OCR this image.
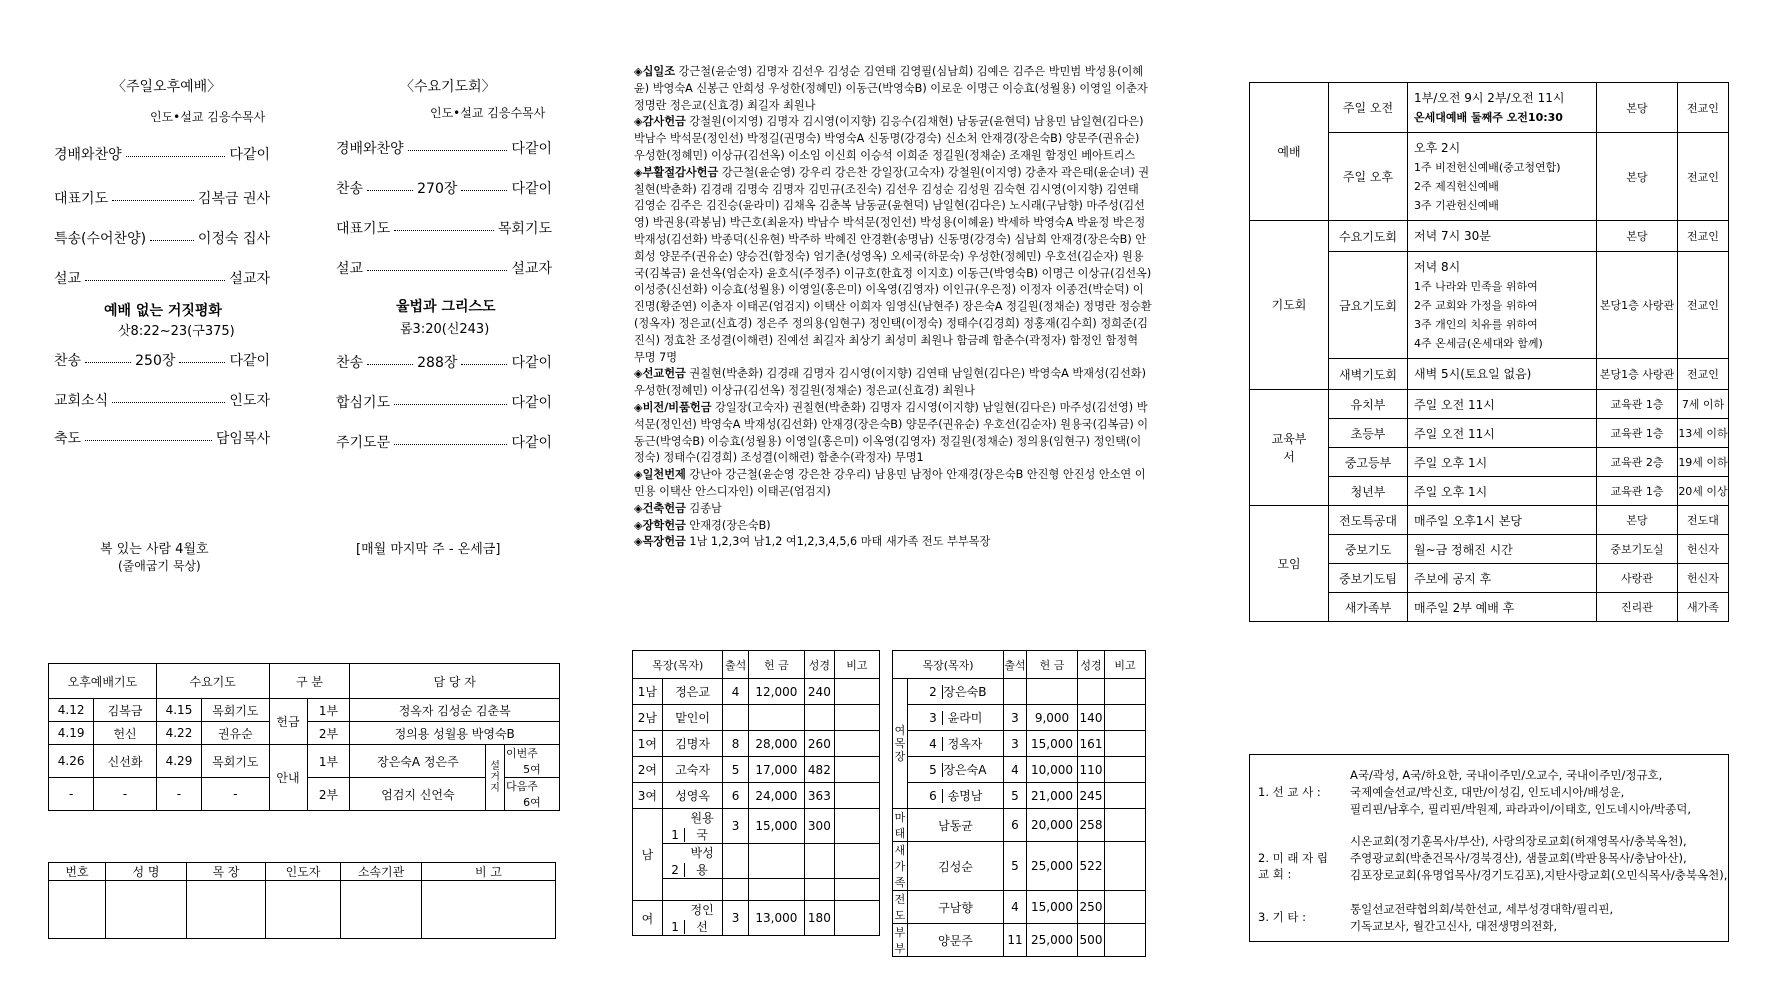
〈주일오후예배〉
인도•설교 김응수목사
경배와찬양	다같이
대표기도	김복금 권사
특송(수어찬양)	이정숙 집사
설교	설교자
찬송	250장	다같이
교회소식	인도자
축도	담임목사
예배 없는 거짓평화
삿8:22~23(구375)
〈수요기도회〉
인도•설교 김응수목사
경배와찬양	다같이
찬송	270장	다같이
대표기도	목회기도
설교	설교자
찬송	288장	다같이
합심기도	다같이
주기도문	다같이
율법과 그리스도
롬3:20(신243)
복 있는 사람 4월호
(줄애굽기 묵상)
[매월 마지막 주 - 온세금]
오후예배기도		수요기도		구 분		담 당 자		
4.12	김복금	4.15	목회기도	헌금	1부	정옥자 김성순 김춘복		
4.19	헌신	4.22	권유순		2부	정의용 성월용 박영숙B		
4.26	신선화	4.29	목회기도	안내	1부	장은숙A 정은주	설거지	이번주5여
-	-	-	-		2부	엄검지 신언숙		다음주6여
번호	성 명	목 장	인도자	소속기관	비 고

◈십일조 강근철(윤순영) 김명자 김선우 김성순 김연태 김영필(심남희) 김예은 김주은 박민범 박성용(이혜윤) 박영숙A 신봉근 안희성 우성한(정혜민) 이동근(박영숙B) 이로운 이명근 이승효(성월용) 이영일 이춘자 정명란 정은교(신효경) 최길자 최원나
◈감사헌금 강철원(이지영) 김명자 김시영(이지향) 김응수(김채현) 남동균(윤현덕) 남용민 남일현(김다은) 박남수 박석문(정인선) 박정길(권명숙) 박영숙A 신동명(강경숙) 신소처 안재경(장은숙B) 양문주(권유순) 우성한(정혜민) 이상규(김선옥) 이소임 이신희 이승석 이희준 정길원(정채순) 조재원 함정인 베아트리스
◈부활절감사헌금 강근철(윤순영) 강우리 강은찬 강일장(고숙자) 강철원(이지영) 강춘자 곽은태(윤순녀) 권칠현(박춘화) 김경래 김명숙 김명자 김민규(조진숙) 김선우 김성순 김성원 김숙현 김시영(이지향) 김연태 김영순 김주은 김진승(윤라미) 김채옥 김춘복 남동균(윤현덕) 남일현(김다은) 노시래(구남향) 마주성(김선영) 박권용(곽봉님) 박근호(최윤자) 박남수 박석문(정인선) 박성용(이혜윤) 박세하 박영숙A 박윤정 박은정 박재성(김선화) 박종덕(신유현) 박주하 박혜진 안경환(송명남) 신동명(강경숙) 심남희 안재경(장은숙B) 안희성 양문주(권유순) 양승건(함정숙) 엄기춘(성영옥) 오세국(하문숙) 우성한(정혜민) 우호선(김순자) 원용국(김복금) 윤선옥(엄순자) 윤호식(주정주) 이규호(한효정 이지호) 이동근(박영숙B) 이명근 이상규(김선옥) 이성중(신선화) 이승효(성월용) 이영일(홍은미) 이옥영(김영자) 이인규(우은정) 이정자 이종건(박순덕) 이진명(황준연) 이춘자 이태곤(엄검지) 이택산 이희자 임영신(남현주) 장은숙A 정길원(정채순) 정명란 정승환(정옥자) 정은교(신효경) 정은주 정의용(임현구) 정인택(이정숙) 정태수(김경희) 정홍재(김수희) 정희준(김진식) 정효찬 조성결(이해련) 진예선 최길자 최상기 최성미 최원나 함금례 함춘수(곽정자) 함정인 함정혁 무명 7명
◈선교헌금 권칠현(박춘화) 김경래 김명자 김시영(이지향) 김연태 남일현(김다은) 박영숙A 박재성(김선화) 우성한(정혜민) 이상규(김선옥) 정길원(정채순) 정은교(신효경) 최원나
◈비전/비품헌금 강일장(고숙자) 권칠현(박춘화) 김명자 김시영(이지향) 남일현(김다은) 마주성(김선영) 박석문(정인선) 박영숙A 박재성(김선화) 안재경(장은숙B) 양문주(권유순) 우호선(김순자) 원용국(김복금) 이동근(박영숙B) 이승효(성월용) 이영일(홍은미) 이옥영(김영자) 정길원(정채순) 정의용(임현구) 정인택(이정숙) 정태수(김경희) 조성결(이해련) 함춘수(곽정자) 무명1
◈일천번제 강난아 강근철(윤순영 강은찬 강우리) 남용민 남정아 안재경(장은숙B 안진형 안진성 안소연 이민용 이택산 안스디자인) 이태곤(엄검지)
◈건축헌금 김종남
◈장학헌금 안재경(장은숙B)
◈목장헌금 1남 1,2,3여 남1,2 여1,2,3,4,5,6 마태 새가족 전도 부부목장
목장(목자)		출석	헌 금	성경	비고
1남	정은교	4	12,000	240	
2남	맡인이				
1여	김명자	8	28,000	260	
2여	고숙자	5	17,000	482	
3여	성영옥	6	24,000	363	
남	1원용국	3	15,000	300	
	2박성용				

여	1정인선	3	13,000	180	
목장(목자)		출석	헌 금	성경	비고
여목장	2 장은숙B				
	3 윤라미	3	9,000	140	
	4 정옥자	3	15,000	161	
	5 장은숙A	4	10,000	110	
	6 송명남	5	21,000	245	
마태	남동균	6	20,000	258	
새가족	김성순	5	25,000	522	
전도	구남향	4	15,000	250	
부부	양문주	11	25,000	500	
예배	주일 오전	1부/오전 9시 2부/오전 11시
온세대예배 둘째주 오전10:30	본당	전교인
	주일 오후	오후 2시
1주 비전헌신예배(중고청연합)
2주 제직헌신예배
3주 기관헌신예배	본당	전교인
기도회	수요기도회	저녁 7시 30분	본당	전교인
	금요기도회	저녁 8시
1주 나라와 민족을 위하여
2주 교회와 가정을 위하여
3주 개인의 치유를 위하여
4주 온세금(온세대와 함께)	본당1층 사랑관	전교인
	새벽기도회	새벽 5시(토요일 없음)	본당1층 사랑관	전교인
교육부서	유치부	주일 오전 11시	교육관 1층	7세 이하
	초등부	주일 오전 11시	교육관 1층	13세 이하
	중고등부	주일 오후 1시	교육관 2층	19세 이하
	청년부	주일 오후 1시	교육관 1층	20세 이상
모임	전도특공대	매주일 오후1시 본당	본당	전도대
	중보기도	월~금 정해진 시간	중보기도실	헌신자
	중보기도팀	주보에 공지 후	사랑관	헌신자
	새가족부	매주일 2부 예배 후	진리관	새가족
1. 선 교 사 :
A국/곽성, A국/하요한, 국내이주민/오교수, 국내이주민/정규호,
국제예술선교/박신호, 대만/이성김, 인도네시아/배성운,
필리핀/남후수, 필리핀/박원제, 파라과이/이태호, 인도네시아/박종덕,
2. 미 래 자 립 교 회 :
시온교회(정기훈목사/부산), 사랑의장로교회(허재영목사/충북옥천),
주영광교회(박춘건목사/경북경산), 샘물교회(박판용목사/충남아산),
김포장로교회(유명업목사/경기도김포),지탄사랑교회(오민식목사/충북옥천),
3. 기 타 :
통일선교전략협의회/북한선교, 세부성경대학/필리핀,
기독교보사, 월간고신사, 대전생명의전화,
